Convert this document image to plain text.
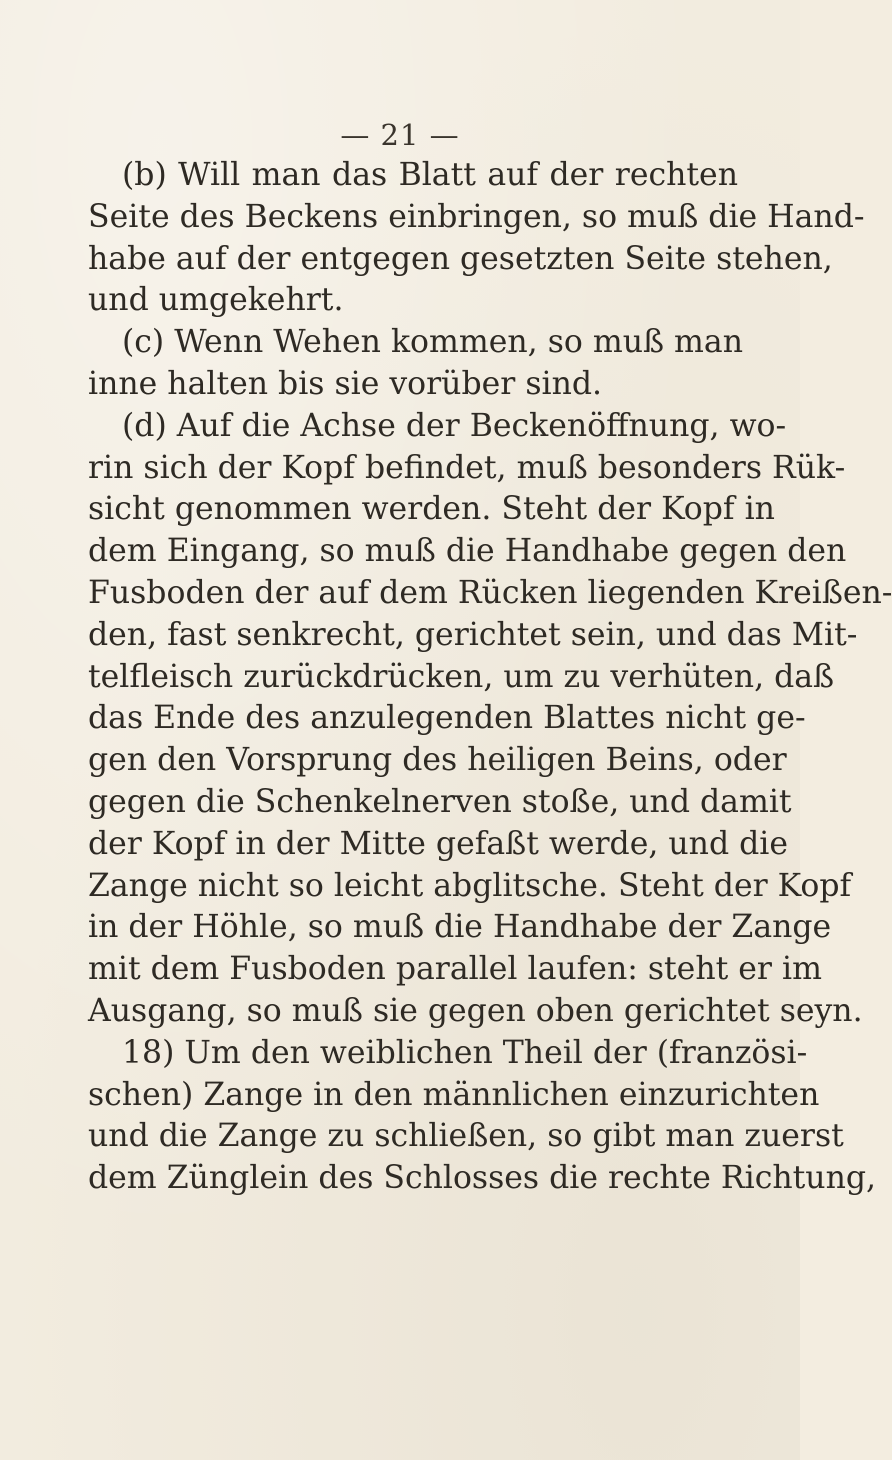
— 21 —
(b) Will man das Blatt auf der rechten
Seite des Beckens einbringen, so muß die Hand-
habe auf der entgegen gesetzten Seite stehen,
und umgekehrt.
(c) Wenn Wehen kommen, so muß man
inne halten bis sie vorüber sind.
(d) Auf die Achse der Beckenöffnung, wo-
rin sich der Kopf befindet, muß besonders Rük-
sicht genommen werden. Steht der Kopf in
dem Eingang, so muß die Handhabe gegen den
Fusboden der auf dem Rücken liegenden Kreißen-
den, fast senkrecht, gerichtet sein, und das Mit-
telfleisch zurückdrücken, um zu verhüten, daß
das Ende des anzulegenden Blattes nicht ge-
gen den Vorsprung des heiligen Beins, oder
gegen die Schenkelnerven stoße, und damit
der Kopf in der Mitte gefaßt werde, und die
Zange nicht so leicht abglitsche. Steht der Kopf
in der Höhle, so muß die Handhabe der Zange
mit dem Fusboden parallel laufen: steht er im
Ausgang, so muß sie gegen oben gerichtet seyn.
18) Um den weiblichen Theil der (französi-
schen) Zange in den männlichen einzurichten
und die Zange zu schließen, so gibt man zuerst
dem Zünglein des Schlosses die rechte Richtung,
